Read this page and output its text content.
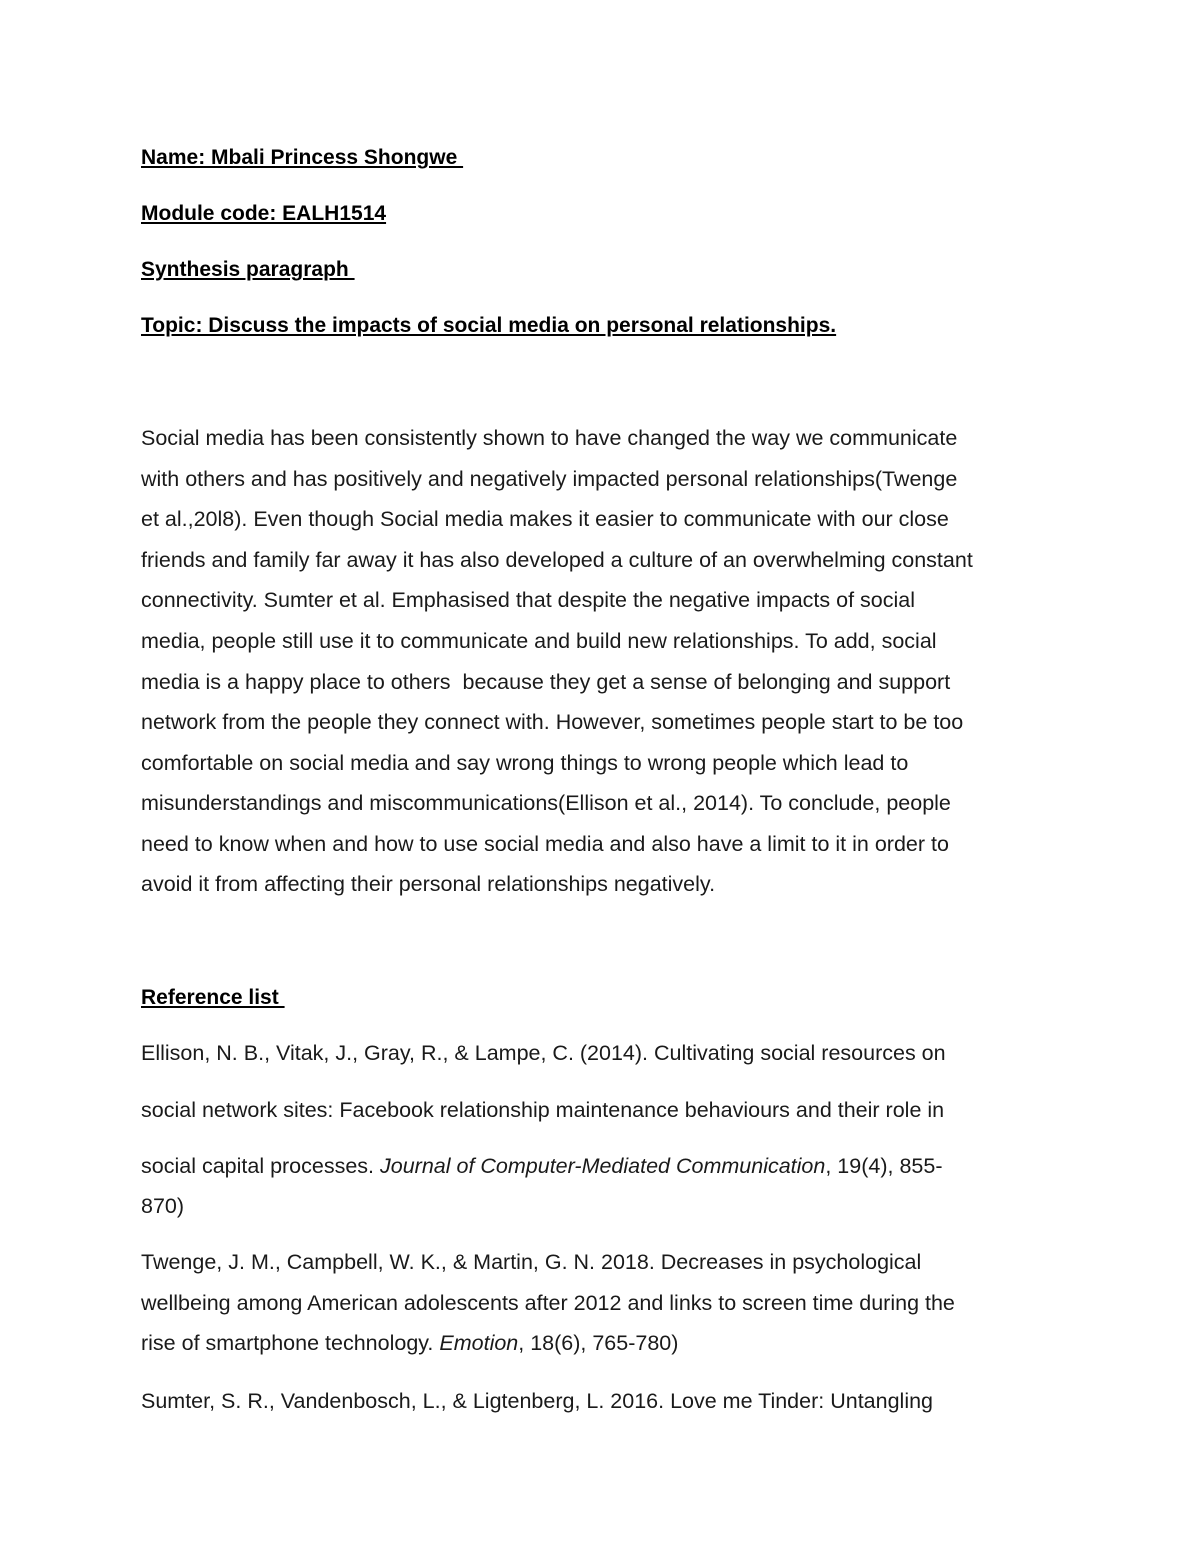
Name: Mbali Princess Shongwe

Module code: EALH1514

Synthesis paragraph

Topic: Discuss the impacts of social media on personal relationships.

Social media has been consistently shown to have changed the way we communicate

with others and has positively and negatively impacted personal relationships(Twenge

et al.,20l8). Even though Social media makes it easier to communicate with our close

friends and family far away it has also developed a culture of an overwhelming constant

connectivity. Sumter et al. Emphasised that despite the negative impacts of social

media, people still use it to communicate and build new relationships. To add, social

media is a happy place to others  because they get a sense of belonging and support

network from the people they connect with. However, sometimes people start to be too

comfortable on social media and say wrong things to wrong people which lead to

misunderstandings and miscommunications(Ellison et al., 2014). To conclude, people

need to know when and how to use social media and also have a limit to it in order to

avoid it from affecting their personal relationships negatively.

Reference list

Ellison, N. B., Vitak, J., Gray, R., & Lampe, C. (2014). Cultivating social resources on

social network sites: Facebook relationship maintenance behaviours and their role in

social capital processes. Journal of Computer-Mediated Communication, 19(4), 855-

870)

Twenge, J. M., Campbell, W. K., & Martin, G. N. 2018. Decreases in psychological

wellbeing among American adolescents after 2012 and links to screen time during the

rise of smartphone technology. Emotion, 18(6), 765-780)

Sumter, S. R., Vandenbosch, L., & Ligtenberg, L. 2016. Love me Tinder: Untangling
